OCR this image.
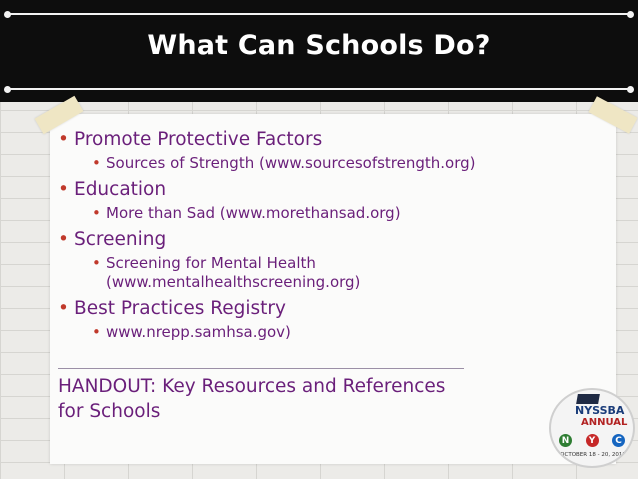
What Can Schools Do?

• Promote Protective Factors

• Sources of Strength (www.sourcesofstrength.org)

• Education

• More than Sad (www.morethansad.org)

• Screening

• Screening for Mental Health
(www.mentalhealthscreening.org)

• Best Practices Registry

• www.nrepp.samhsa.gov)

HANDOUT: Key Resources and References
for Schools	NYSSBA
ANNUAL
N	Y	C
OCTOBER 18 - 20, 2013
